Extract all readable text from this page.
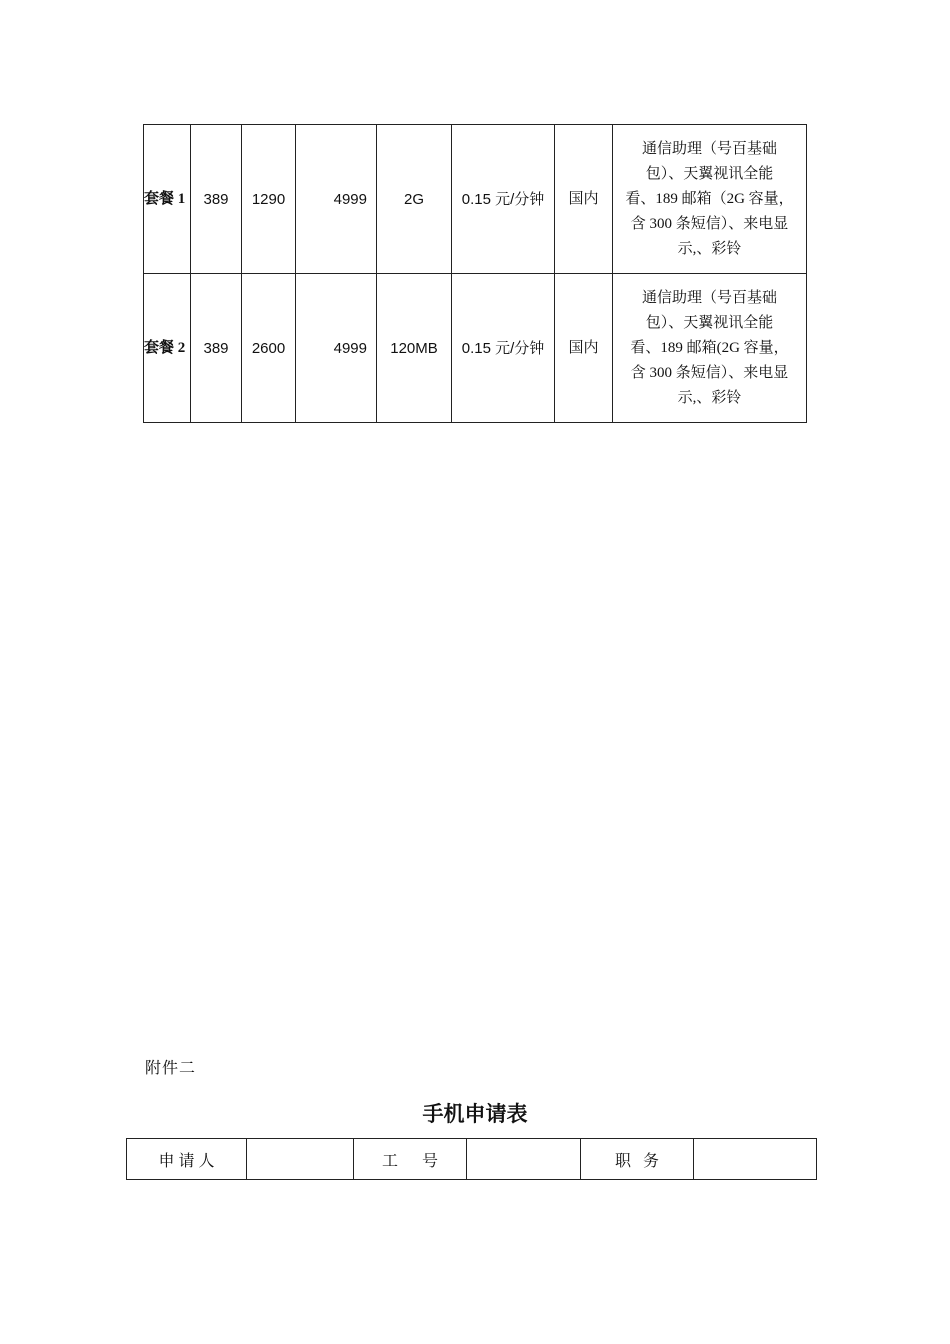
套餐 1	389	1290	4999	2G	0.15 元/分钟	国内	通信助理（号百基础
包）、天翼视讯全能
看、189 邮箱（2G 容量，
含 300 条短信）、来电显
示,、彩铃

套餐 2	389	2600	4999	120MB	0.15 元/分钟	国内	通信助理（号百基础
包）、天翼视讯全能
看、189 邮箱(2G 容量，
含 300 条短信）、来电显
示,、彩铃
附件二
手机申请表
申 请 人		工      号		职   务	
